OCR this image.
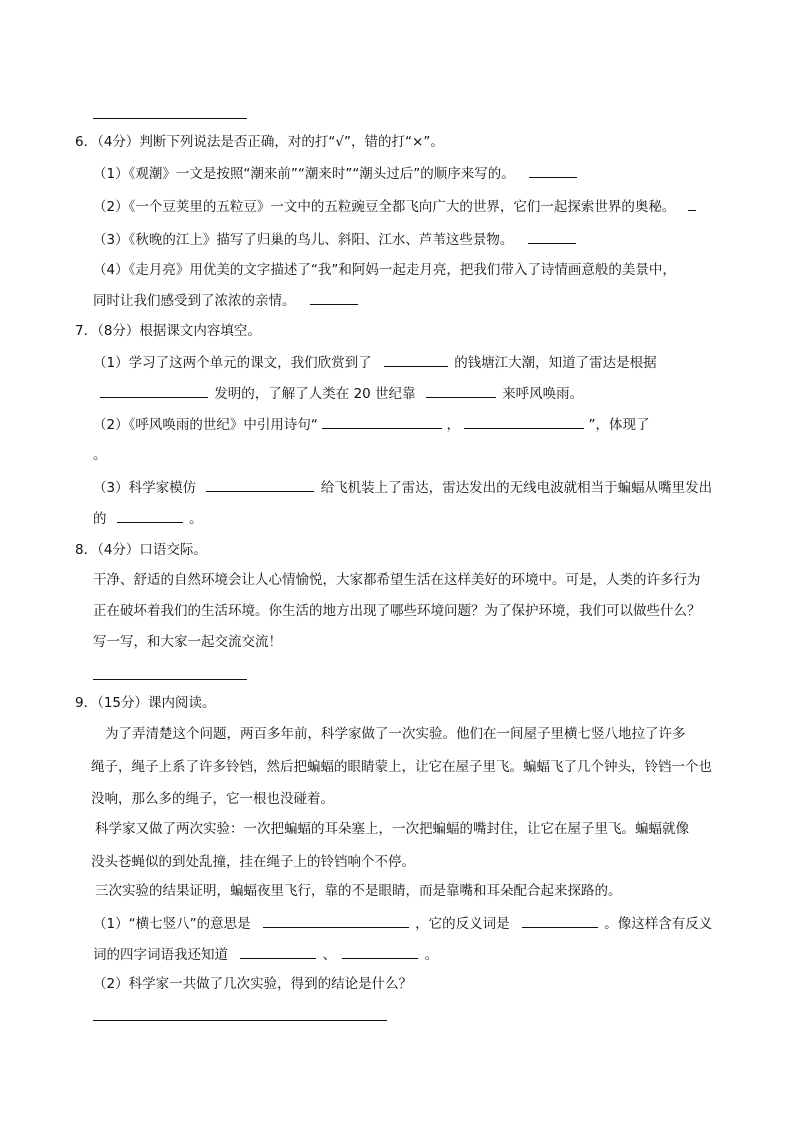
6．（4分）判断下列说法是否正确，对的打“√”，错的打“×”。
（1）《观潮》一文是按照“潮来前”“潮来时”“潮头过后”的顺序来写的。
（2）《一个豆荚里的五粒豆》一文中的五粒豌豆全都飞向广大的世界，它们一起探索世界的奥秘。
（3）《秋晚的江上》描写了归巢的鸟儿、斜阳、江水、芦苇这些景物。
（4）《走月亮》用优美的文字描述了“我”和阿妈一起走月亮，把我们带入了诗情画意般的美景中，
同时让我们感受到了浓浓的亲情。
7．（8分）根据课文内容填空。
（1）学习了这两个单元的课文，我们欣赏到了	的钱塘江大潮，知道了雷达是根据
发明的，了解了人类在 20 世纪靠	来呼风唤雨。
（2）《呼风唤雨的世纪》中引用诗句“	，	”，体现了
。
（3）科学家模仿	给飞机装上了雷达，雷达发出的无线电波就相当于蝙蝠从嘴里发出
的	。
8．（4分）口语交际。
干净、舒适的自然环境会让人心情愉悦，大家都希望生活在这样美好的环境中。可是，人类的许多行为
正在破坏着我们的生活环境。你生活的地方出现了哪些环境问题？为了保护环境，我们可以做些什么？
写一写，和大家一起交流交流！
9．（15分）课内阅读。
为了弄清楚这个问题，两百多年前，科学家做了一次实验。他们在一间屋子里横七竖八地拉了许多
绳子，绳子上系了许多铃铛，然后把蝙蝠的眼睛蒙上，让它在屋子里飞。蝙蝠飞了几个钟头，铃铛一个也
没响，那么多的绳子，它一根也没碰着。
科学家又做了两次实验：一次把蝙蝠的耳朵塞上，一次把蝙蝠的嘴封住，让它在屋子里飞。蝙蝠就像
没头苍蝇似的到处乱撞，挂在绳子上的铃铛响个不停。
三次实验的结果证明，蝙蝠夜里飞行，靠的不是眼睛，而是靠嘴和耳朵配合起来探路的。
（1）“横七竖八”的意思是	，它的反义词是	。像这样含有反义
词的四字词语我还知道	、	。
（2）科学家一共做了几次实验，得到的结论是什么？
